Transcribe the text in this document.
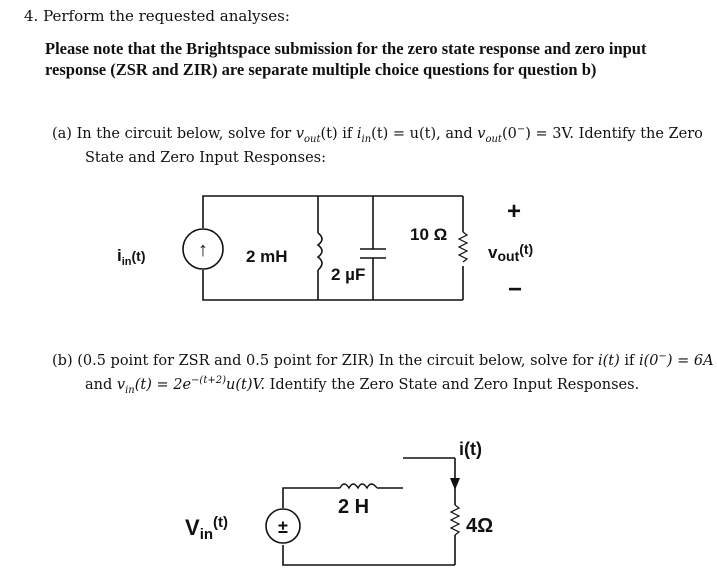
4. Perform the requested analyses:
Please note that the Brightspace submission for the zero state response and zero input response (ZSR and ZIR) are separate multiple choice questions for question b)
(a) In the circuit below, solve for $v_{out}(t)$ if $i_{in}(t) = u(t)$, and $v_{out}(0^-) = 3V$. Identify the Zero State and Zero Input Responses:
↑
$i_{in}^{(t)}$	2 mH
2 µF
10 Ω
+
vout$^{(t)}$
−
±
Vin$^{(t)}$
2 H
i(t)
4Ω
(b) (0.5 point for ZSR and 0.5 point for ZIR) In the circuit below, solve for i(t) if i(0−) = 6A and $v_{in}(t) = 2e^{-(t+2)}u(t)V$. Identify the Zero State and Zero Input Responses.
